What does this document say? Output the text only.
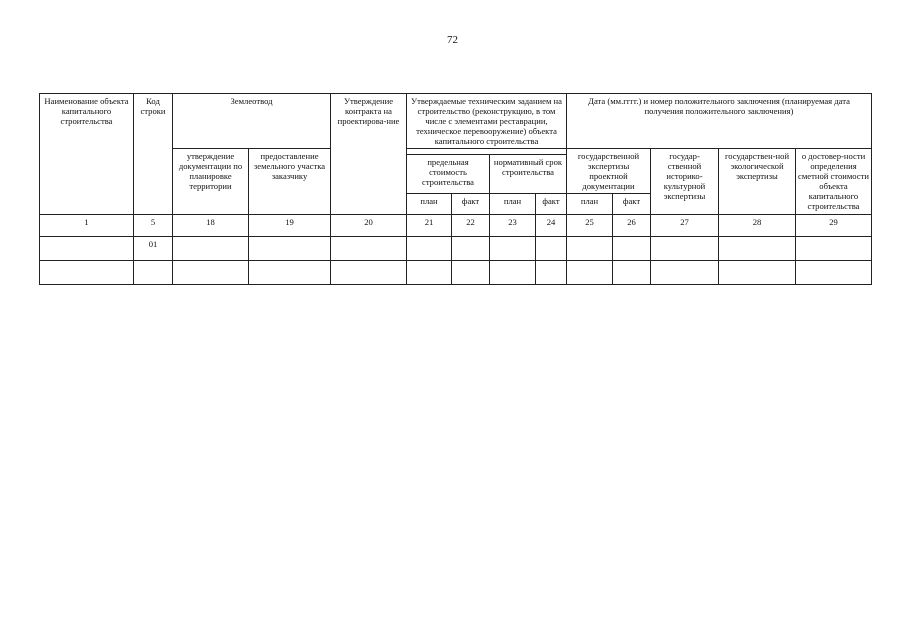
72
Наименование объекта капитального строительства	Код строки	Землеотвод		Утверждение контракта на проектирова-ние	Утверждаемые техническим заданием на строительство (реконструкцию, в том числе с элементами реставрации, техническое перевооружение) объекта капитального строительства				Дата (мм.гггг.) и номер положительного заключения (планируемая дата получения положительного заключения)				
		утверждение документации по планировке территории	предоставление земельного участка заказчику						государственной экспертизы проектной документации		государ-ственной историко-культурной экспертизы	государствен-ной экологической экспертизы	о достовер-ности определения сметной стоимости объекта капитального строительства
					предельная стоимость строительства		нормативный срок строительства						
					план	факт	план	факт	план	факт			
1	5	18	19	20	21	22	23	24	25	26	27	28	29
	01												
